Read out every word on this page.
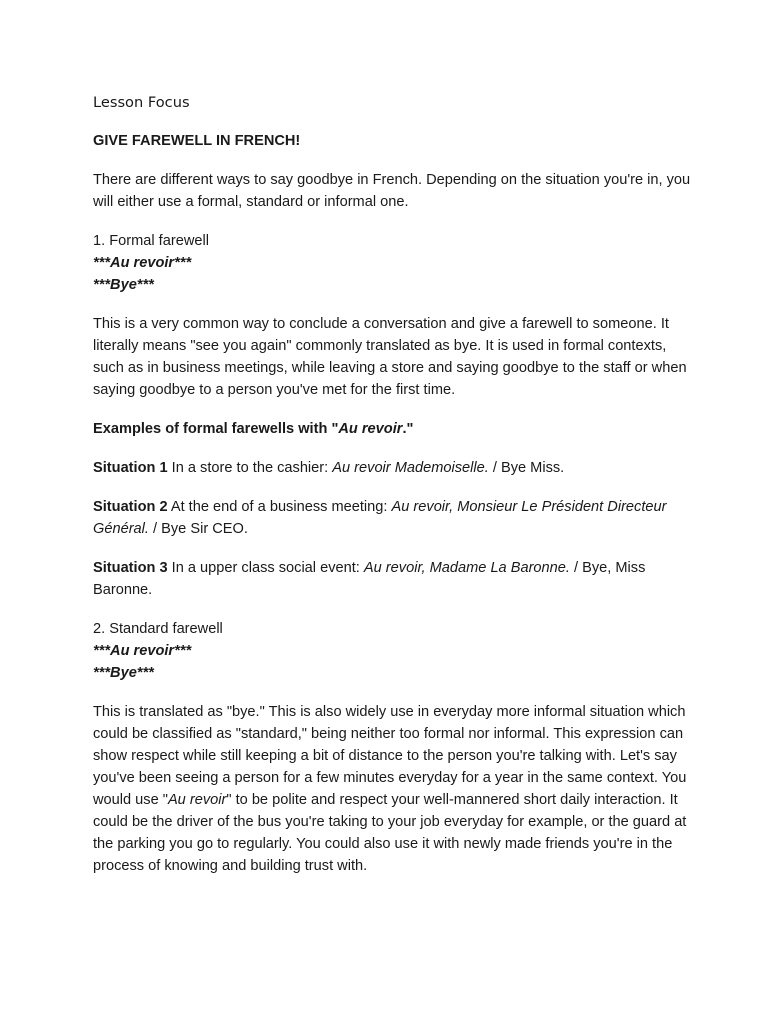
Lesson Focus

GIVE FAREWELL IN FRENCH!

There are different ways to say goodbye in French. Depending on the situation you're in, you will either use a formal, standard or informal one.

1. Formal farewell
***Au revoir***
***Bye***

This is a very common way to conclude a conversation and give a farewell to someone. It literally means "see you again" commonly translated as bye. It is used in formal contexts, such as in business meetings, while leaving a store and saying goodbye to the staff or when saying goodbye to a person you've met for the first time.

Examples of formal farewells with "Au revoir."

Situation 1 In a store to the cashier: Au revoir Mademoiselle. / Bye Miss.

Situation 2 At the end of a business meeting: Au revoir, Monsieur Le Président Directeur Général. / Bye Sir CEO.

Situation 3 In a upper class social event: Au revoir, Madame La Baronne. / Bye, Miss Baronne.

2. Standard farewell
***Au revoir***
***Bye***

This is translated as "bye." This is also widely use in everyday more informal situation which could be classified as "standard," being neither too formal nor informal. This expression can show respect while still keeping a bit of distance to the person you're talking with. Let's say you've been seeing a person for a few minutes everyday for a year in the same context. You would use "Au revoir" to be polite and respect your well-mannered short daily interaction. It could be the driver of the bus you're taking to your job everyday for example, or the guard at the parking you go to regularly. You could also use it with newly made friends you're in the process of knowing and building trust with.
